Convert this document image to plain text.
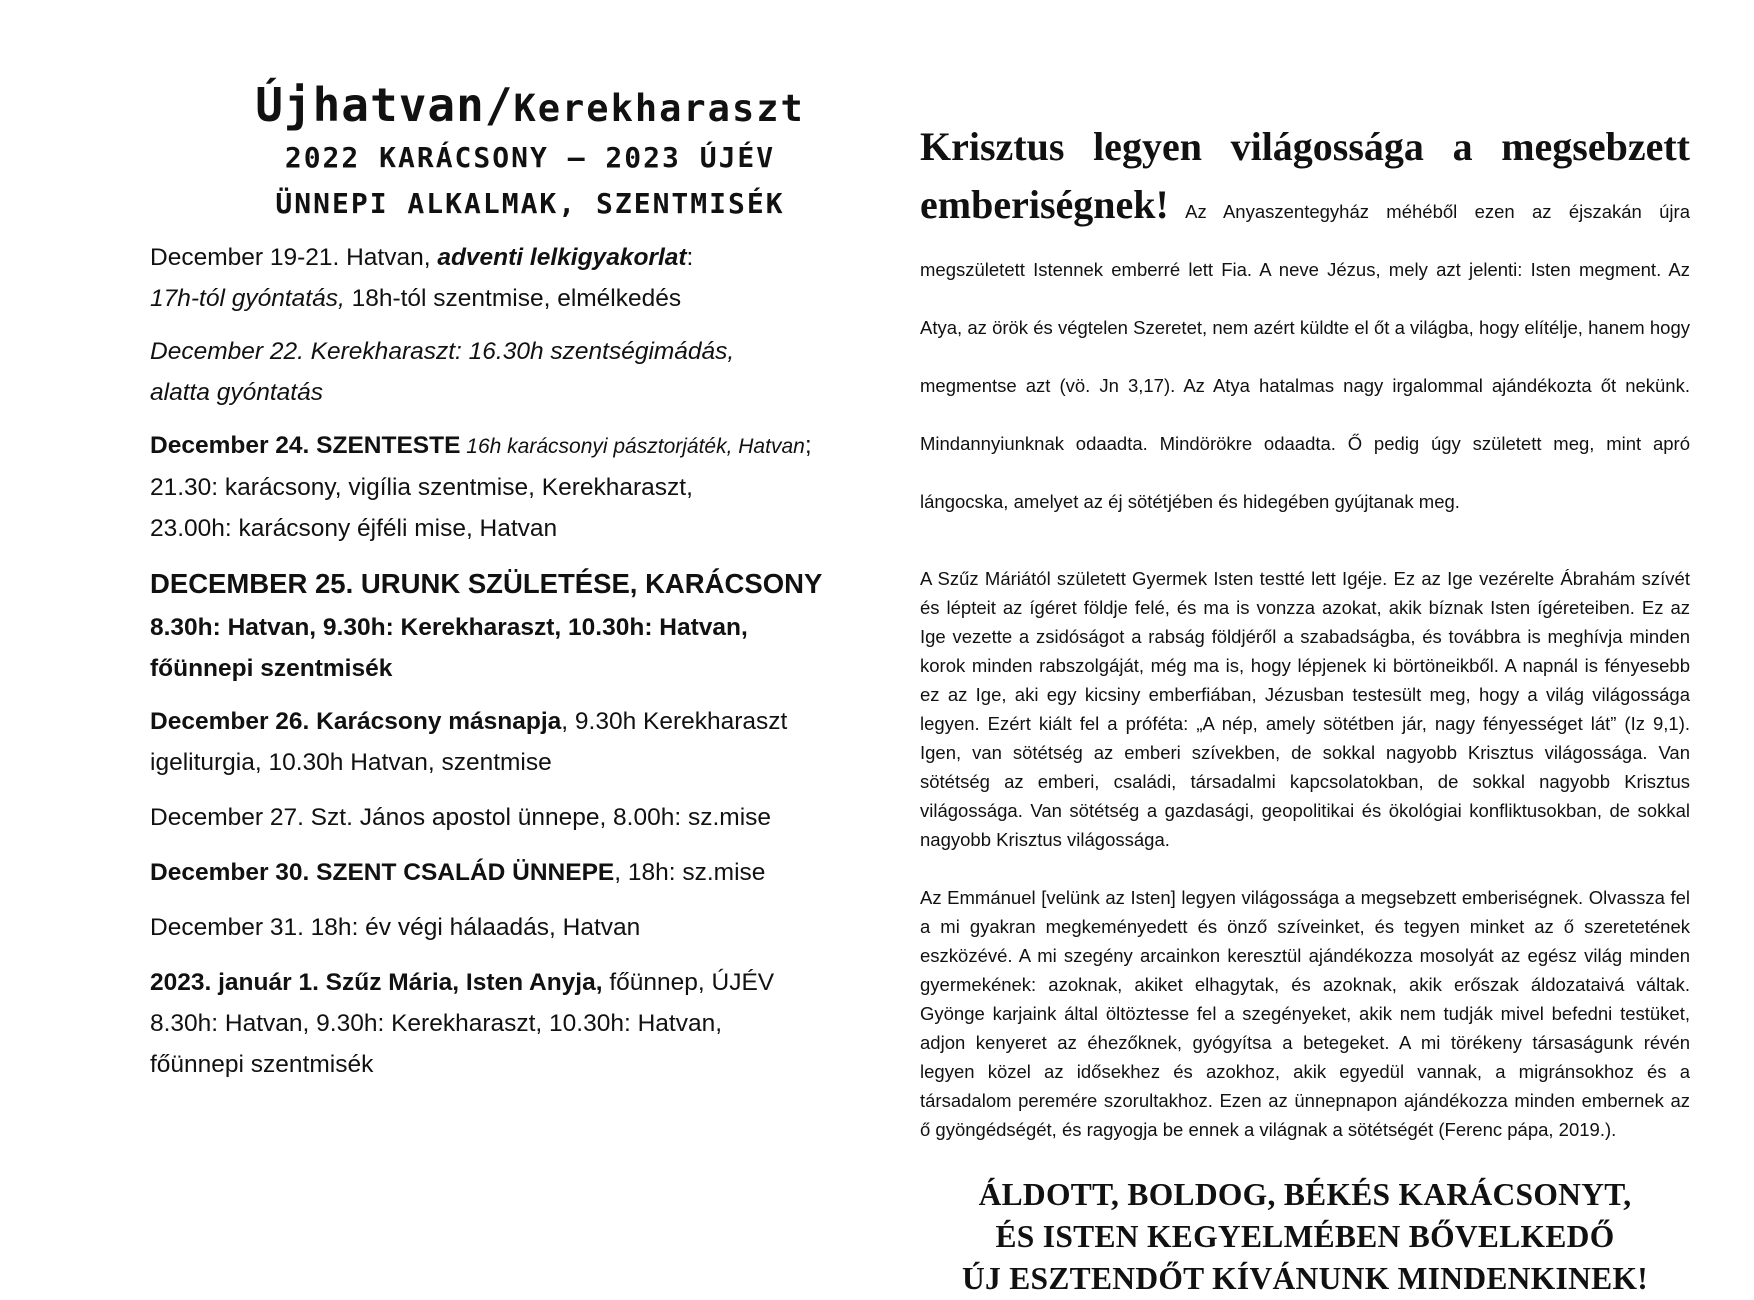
Újhatvan/Kerekharaszt
2022 KARÁCSONY – 2023 ÚJÉV
ÜNNEPI ALKALMAK, SZENTMISÉK

December 19-21. Hatvan, adventi lelkigyakorlat:
17h-tól gyóntatás, 18h-tól szentmise, elmélkedés

December 22. Kerekharaszt: 16.30h szentségimádás,
alatta gyóntatás

December 24. SZENTESTE 16h karácsonyi pásztorjáték, Hatvan;
21.30: karácsony, vigília szentmise, Kerekharaszt,
23.00h: karácsony éjféli mise, Hatvan

DECEMBER 25. URUNK SZÜLETÉSE, KARÁCSONY
8.30h: Hatvan, 9.30h: Kerekharaszt, 10.30h: Hatvan,
főünnepi szentmisék

December 26. Karácsony másnapja, 9.30h Kerekharaszt
igeliturgia, 10.30h Hatvan, szentmise

December 27. Szt. János apostol ünnepe, 8.00h: sz.mise

December 30. SZENT CSALÁD ÜNNEPE, 18h: sz.mise

December 31. 18h: év végi hálaadás, Hatvan

2023. január 1. Szűz Mária, Isten Anyja, főünnep, ÚJÉV
8.30h: Hatvan, 9.30h: Kerekharaszt, 10.30h: Hatvan,
főünnepi szentmisék

Krisztus legyen világossága a megsebzett
emberiségnek! Az Anyaszentegyház méhéből ezen az éjszakán újra megszületett Istennek emberré lett Fia. A neve Jézus, mely azt jelenti: Isten megment. Az Atya, az örök és végtelen Szeretet, nem azért küldte el őt a világba, hogy elítélje, hanem hogy megmentse azt (vö. Jn 3,17). Az Atya hatalmas nagy irgalommal ajándékozta őt nekünk. Mindannyiunknak odaadta. Mindörökre odaadta. Ő pedig úgy született meg, mint apró lángocska, amelyet az éj sötétjében és hidegében gyújtanak meg.

A Szűz Máriától született Gyermek Isten testté lett Igéje. Ez az Ige vezérelte Ábrahám szívét és lépteit az ígéret földje felé, és ma is vonzza azokat, akik bíznak Isten ígéreteiben. Ez az Ige vezette a zsidóságot a rabság földjéről a szabadságba, és továbbra is meghívja minden korok minden rabszolgáját, még ma is, hogy lépjenek ki börtöneikből. A napnál is fényesebb ez az Ige, aki egy kicsiny emberfiában, Jézusban testesült meg, hogy a világ világossága legyen. Ezért kiált fel a próféta: „A nép, amely sötétben jár, nagy fényességet lát” (Iz 9,1). Igen, van sötétség az emberi szívekben, de sokkal nagyobb Krisztus világossága. Van sötétség az emberi, családi, társadalmi kapcsolatokban, de sokkal nagyobb Krisztus világossága. Van sötétség a gazdasági, geopolitikai és ökológiai konfliktusokban, de sokkal nagyobb Krisztus világossága.

Az Emmánuel [velünk az Isten] legyen világossága a megsebzett emberiségnek. Olvassza fel a mi gyakran megkeményedett és önző szíveinket, és tegyen minket az ő szeretetének eszközévé. A mi szegény arcainkon keresztül ajándékozza mosolyát az egész világ minden gyermekének: azoknak, akiket elhagytak, és azoknak, akik erőszak áldozataivá váltak. Gyönge karjaink által öltöztesse fel a szegényeket, akik nem tudják mivel befedni testüket, adjon kenyeret az éhezőknek, gyógyítsa a betegeket. A mi törékeny társaságunk révén legyen közel az idősekhez és azokhoz, akik egyedül vannak, a migránsokhoz és a társadalom peremére szorultakhoz. Ezen az ünnepnapon ajándékozza minden embernek az ő gyöngédségét, és ragyogja be ennek a világnak a sötétségét (Ferenc pápa, 2019.).

ÁLDOTT, BOLDOG, BÉKÉS KARÁCSONYT,
ÉS ISTEN KEGYELMÉBEN BŐVELKEDŐ
ÚJ ESZTENDŐT KÍVÁNUNK MINDENKINEK!
